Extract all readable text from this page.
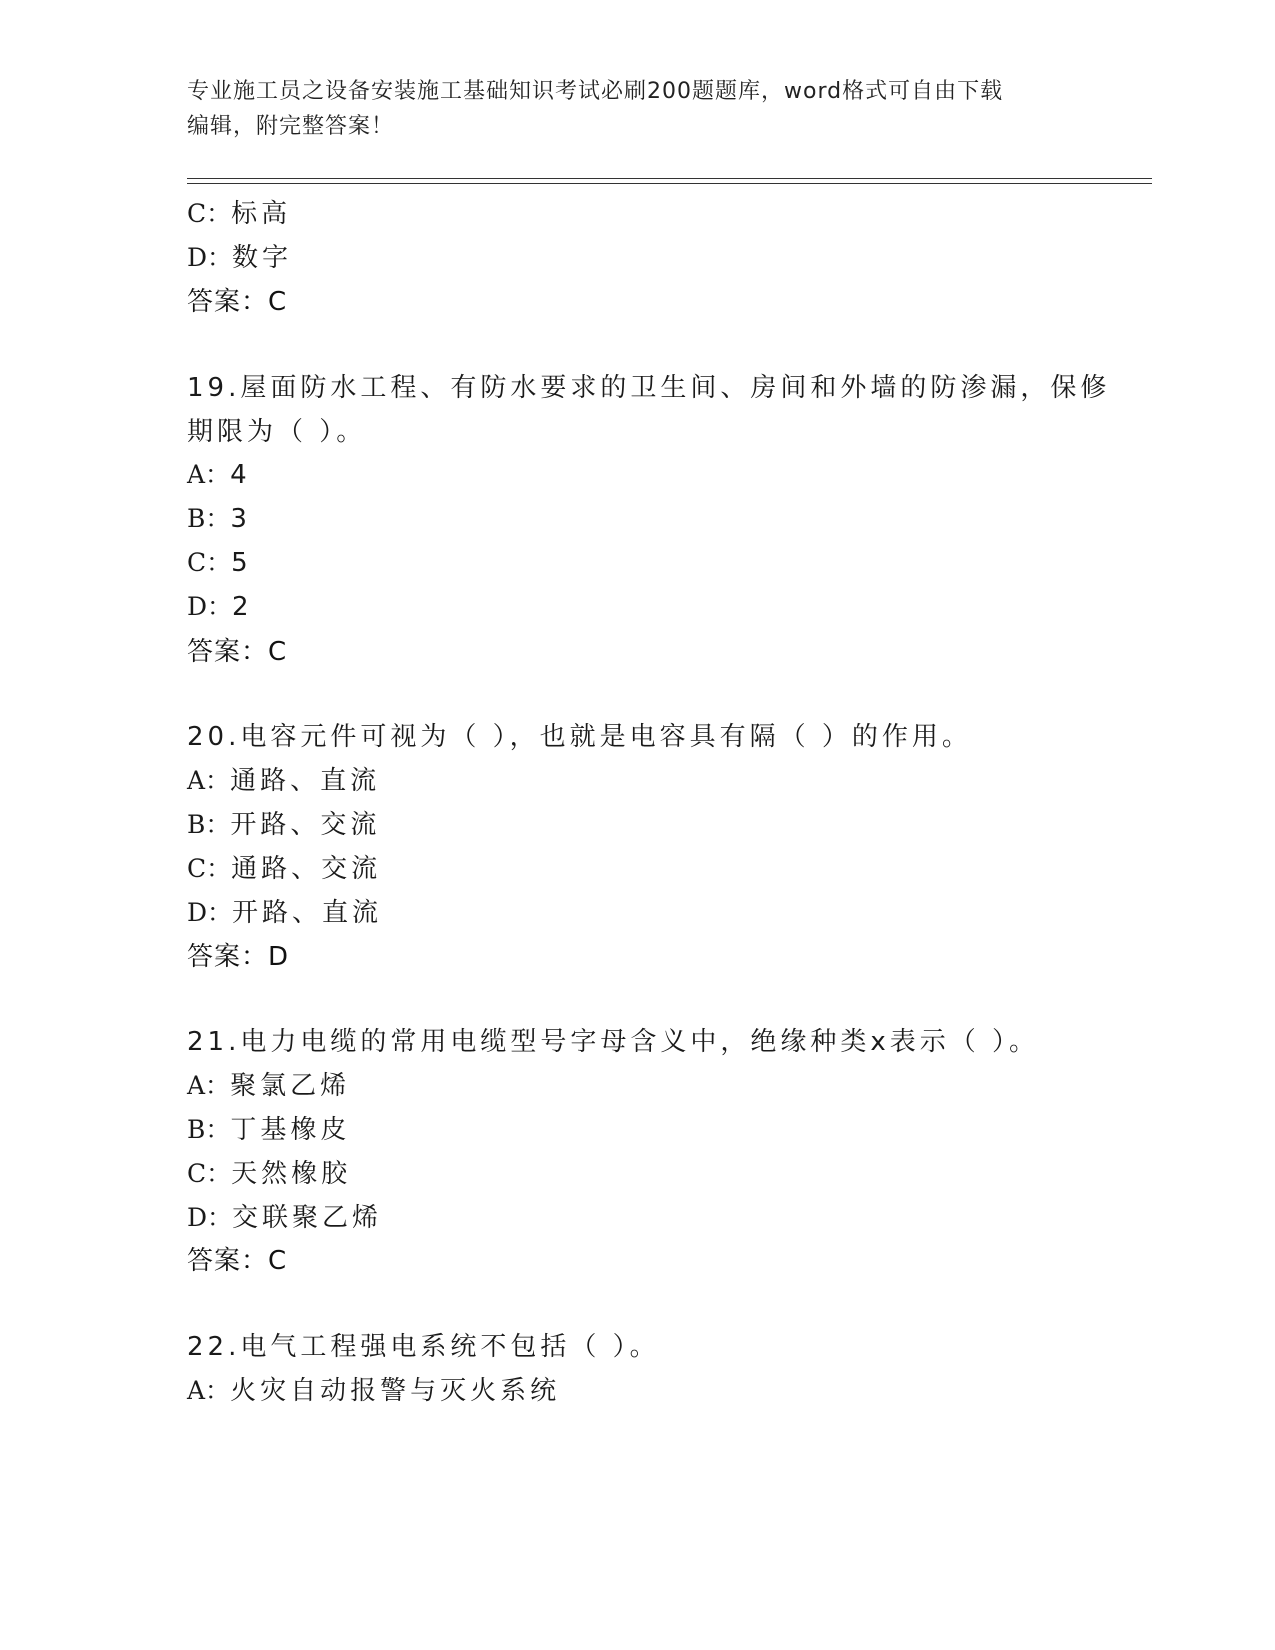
专业施工员之设备安装施工基础知识考试必刷200题题库，word格式可自由下载
编辑，附完整答案！
C：标高
D：数字
答案：C
19.屋面防水工程、有防水要求的卫生间、房间和外墙的防渗漏，保修
期限为（ ）。
A：4
B：3
C：5
D：2
答案：C
20.电容元件可视为（ ），也就是电容具有隔（ ）的作用。
A：通路、直流
B：开路、交流
C：通路、交流
D：开路、直流
答案：D
21.电力电缆的常用电缆型号字母含义中，绝缘种类x表示（ ）。
A：聚氯乙烯
B：丁基橡皮
C：天然橡胶
D：交联聚乙烯
答案：C
22.电气工程强电系统不包括（ ）。
A：火灾自动报警与灭火系统
